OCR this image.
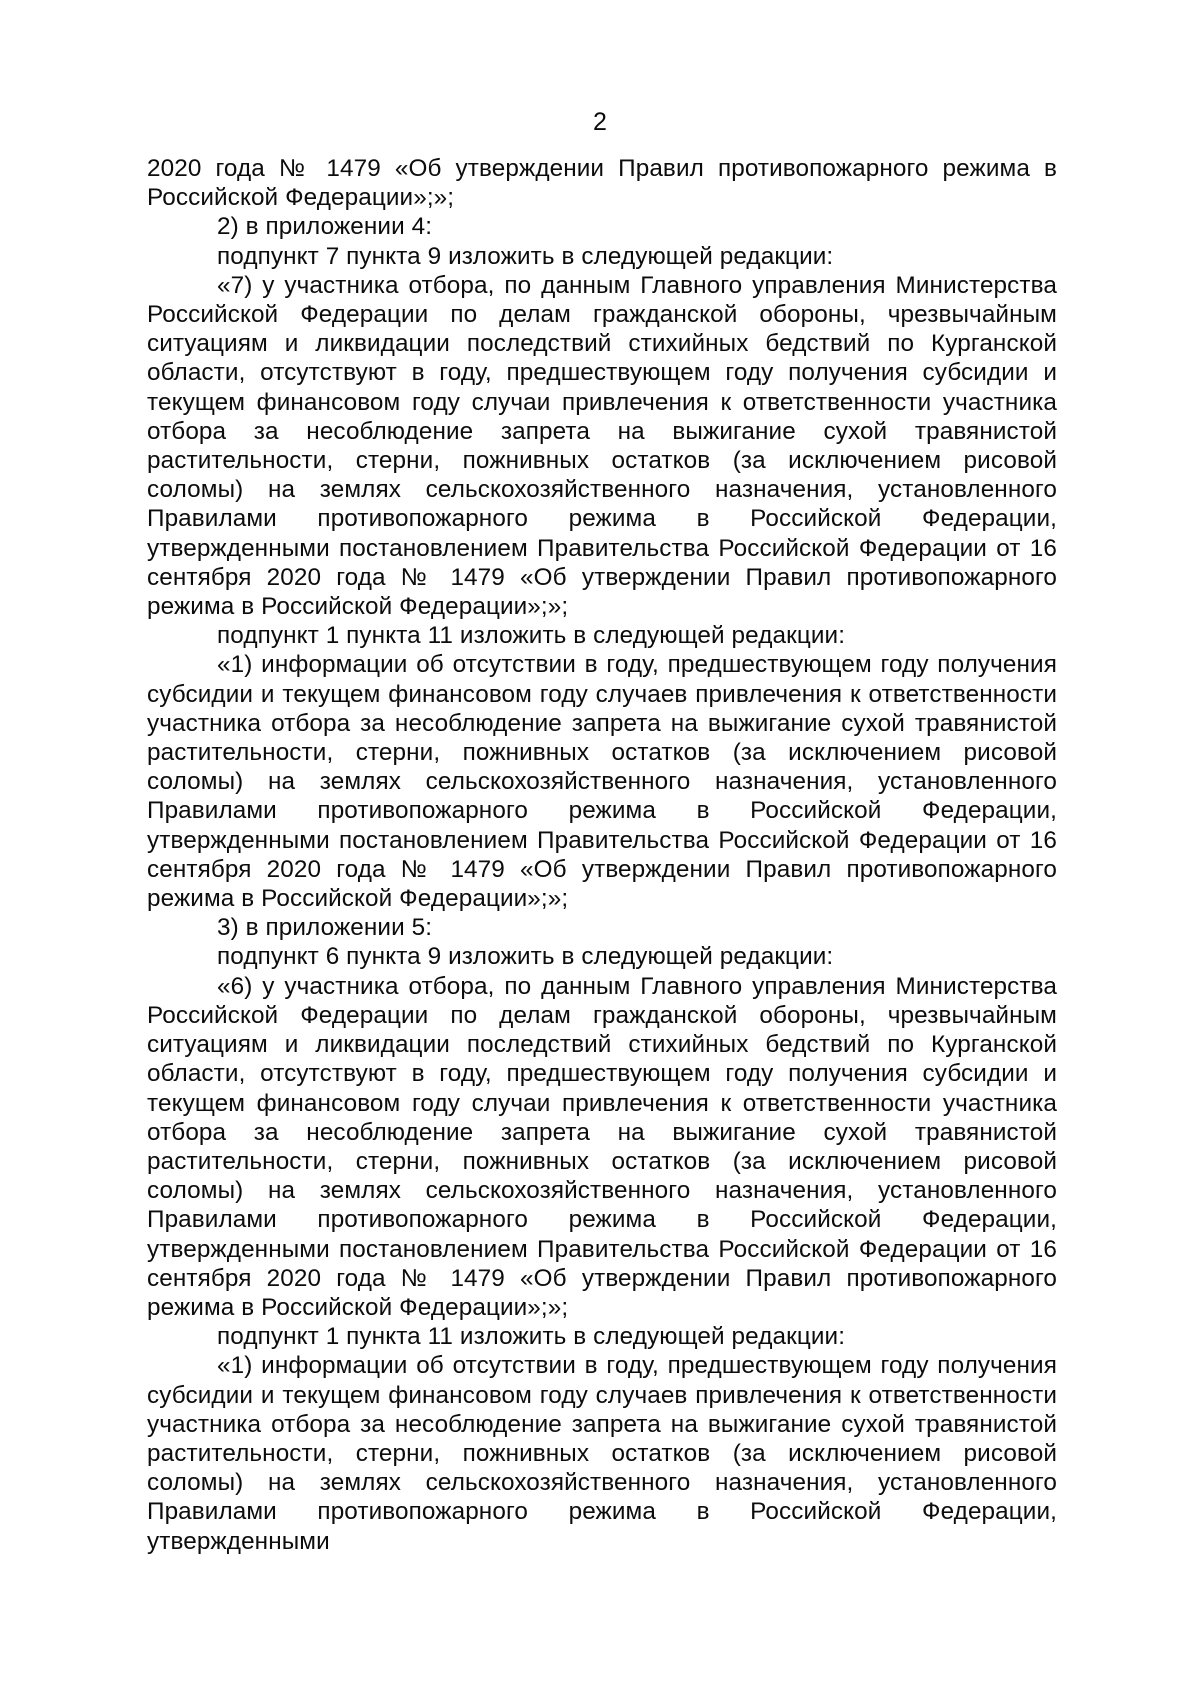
2

2020 года № 1479 «Об утверждении Правил противопожарного режима в Российской Федерации»;»;

2) в приложении 4:

подпункт 7 пункта 9 изложить в следующей редакции:

«7) у участника отбора, по данным Главного управления Министерства Российской Федерации по делам гражданской обороны, чрезвычайным ситуациям и ликвидации последствий стихийных бедствий по Курганской области, отсутствуют в году, предшествующем году получения субсидии и текущем финансовом году случаи привлечения к ответственности участника отбора за несоблюдение запрета на выжигание сухой травянистой растительности, стерни, пожнивных остатков (за исключением рисовой соломы) на землях сельскохозяйственного назначения, установленного Правилами противопожарного режима в Российской Федерации, утвержденными постановлением Правительства Российской Федерации от 16 сентября 2020 года № 1479 «Об утверждении Правил противопожарного режима в Российской Федерации»;»;

подпункт 1 пункта 11 изложить в следующей редакции:

«1) информации об отсутствии в году, предшествующем году получения субсидии и текущем финансовом году случаев привлечения к ответственности участника отбора за несоблюдение запрета на выжигание сухой травянистой растительности, стерни, пожнивных остатков (за исключением рисовой соломы) на землях сельскохозяйственного назначения, установленного Правилами противопожарного режима в Российской Федерации, утвержденными постановлением Правительства Российской Федерации от 16 сентября 2020 года № 1479 «Об утверждении Правил противопожарного режима в Российской Федерации»;»;

3) в приложении 5:

подпункт 6 пункта 9 изложить в следующей редакции:

«6) у участника отбора, по данным Главного управления Министерства Российской Федерации по делам гражданской обороны, чрезвычайным ситуациям и ликвидации последствий стихийных бедствий по Курганской области, отсутствуют в году, предшествующем году получения субсидии и текущем финансовом году случаи привлечения к ответственности участника отбора за несоблюдение запрета на выжигание сухой травянистой растительности, стерни, пожнивных остатков (за исключением рисовой соломы) на землях сельскохозяйственного назначения, установленного Правилами противопожарного режима в Российской Федерации, утвержденными постановлением Правительства Российской Федерации от 16 сентября 2020 года № 1479 «Об утверждении Правил противопожарного режима в Российской Федерации»;»;

подпункт 1 пункта 11 изложить в следующей редакции:

«1) информации об отсутствии в году, предшествующем году получения субсидии и текущем финансовом году случаев привлечения к ответственности участника отбора за несоблюдение запрета на выжигание сухой травянистой растительности, стерни, пожнивных остатков (за исключением рисовой соломы) на землях сельскохозяйственного назначения, установленного Правилами противопожарного режима в Российской Федерации, утвержденными
